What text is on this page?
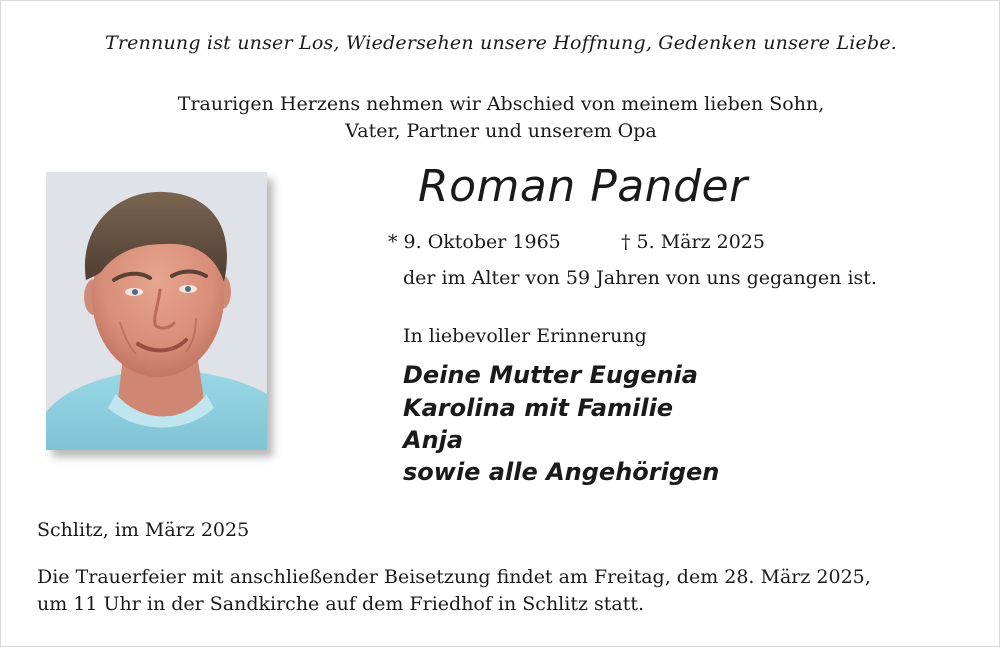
Trennung ist unser Los, Wiedersehen unsere Hoffnung, Gedenken unsere Liebe.
Traurigen Herzens nehmen wir Abschied von meinem lieben Sohn,
Vater, Partner und unserem Opa
Roman Pander
* 9. Oktober 1965	† 5. März 2025
der im Alter von 59 Jahren von uns gegangen ist.
In liebevoller Erinnerung
Deine Mutter Eugenia
Karolina mit Familie
Anja
sowie alle Angehörigen
Schlitz, im März 2025
Die Trauerfeier mit anschließender Beisetzung findet am Freitag, dem 28. März 2025,
um 11 Uhr in der Sandkirche auf dem Friedhof in Schlitz statt.
